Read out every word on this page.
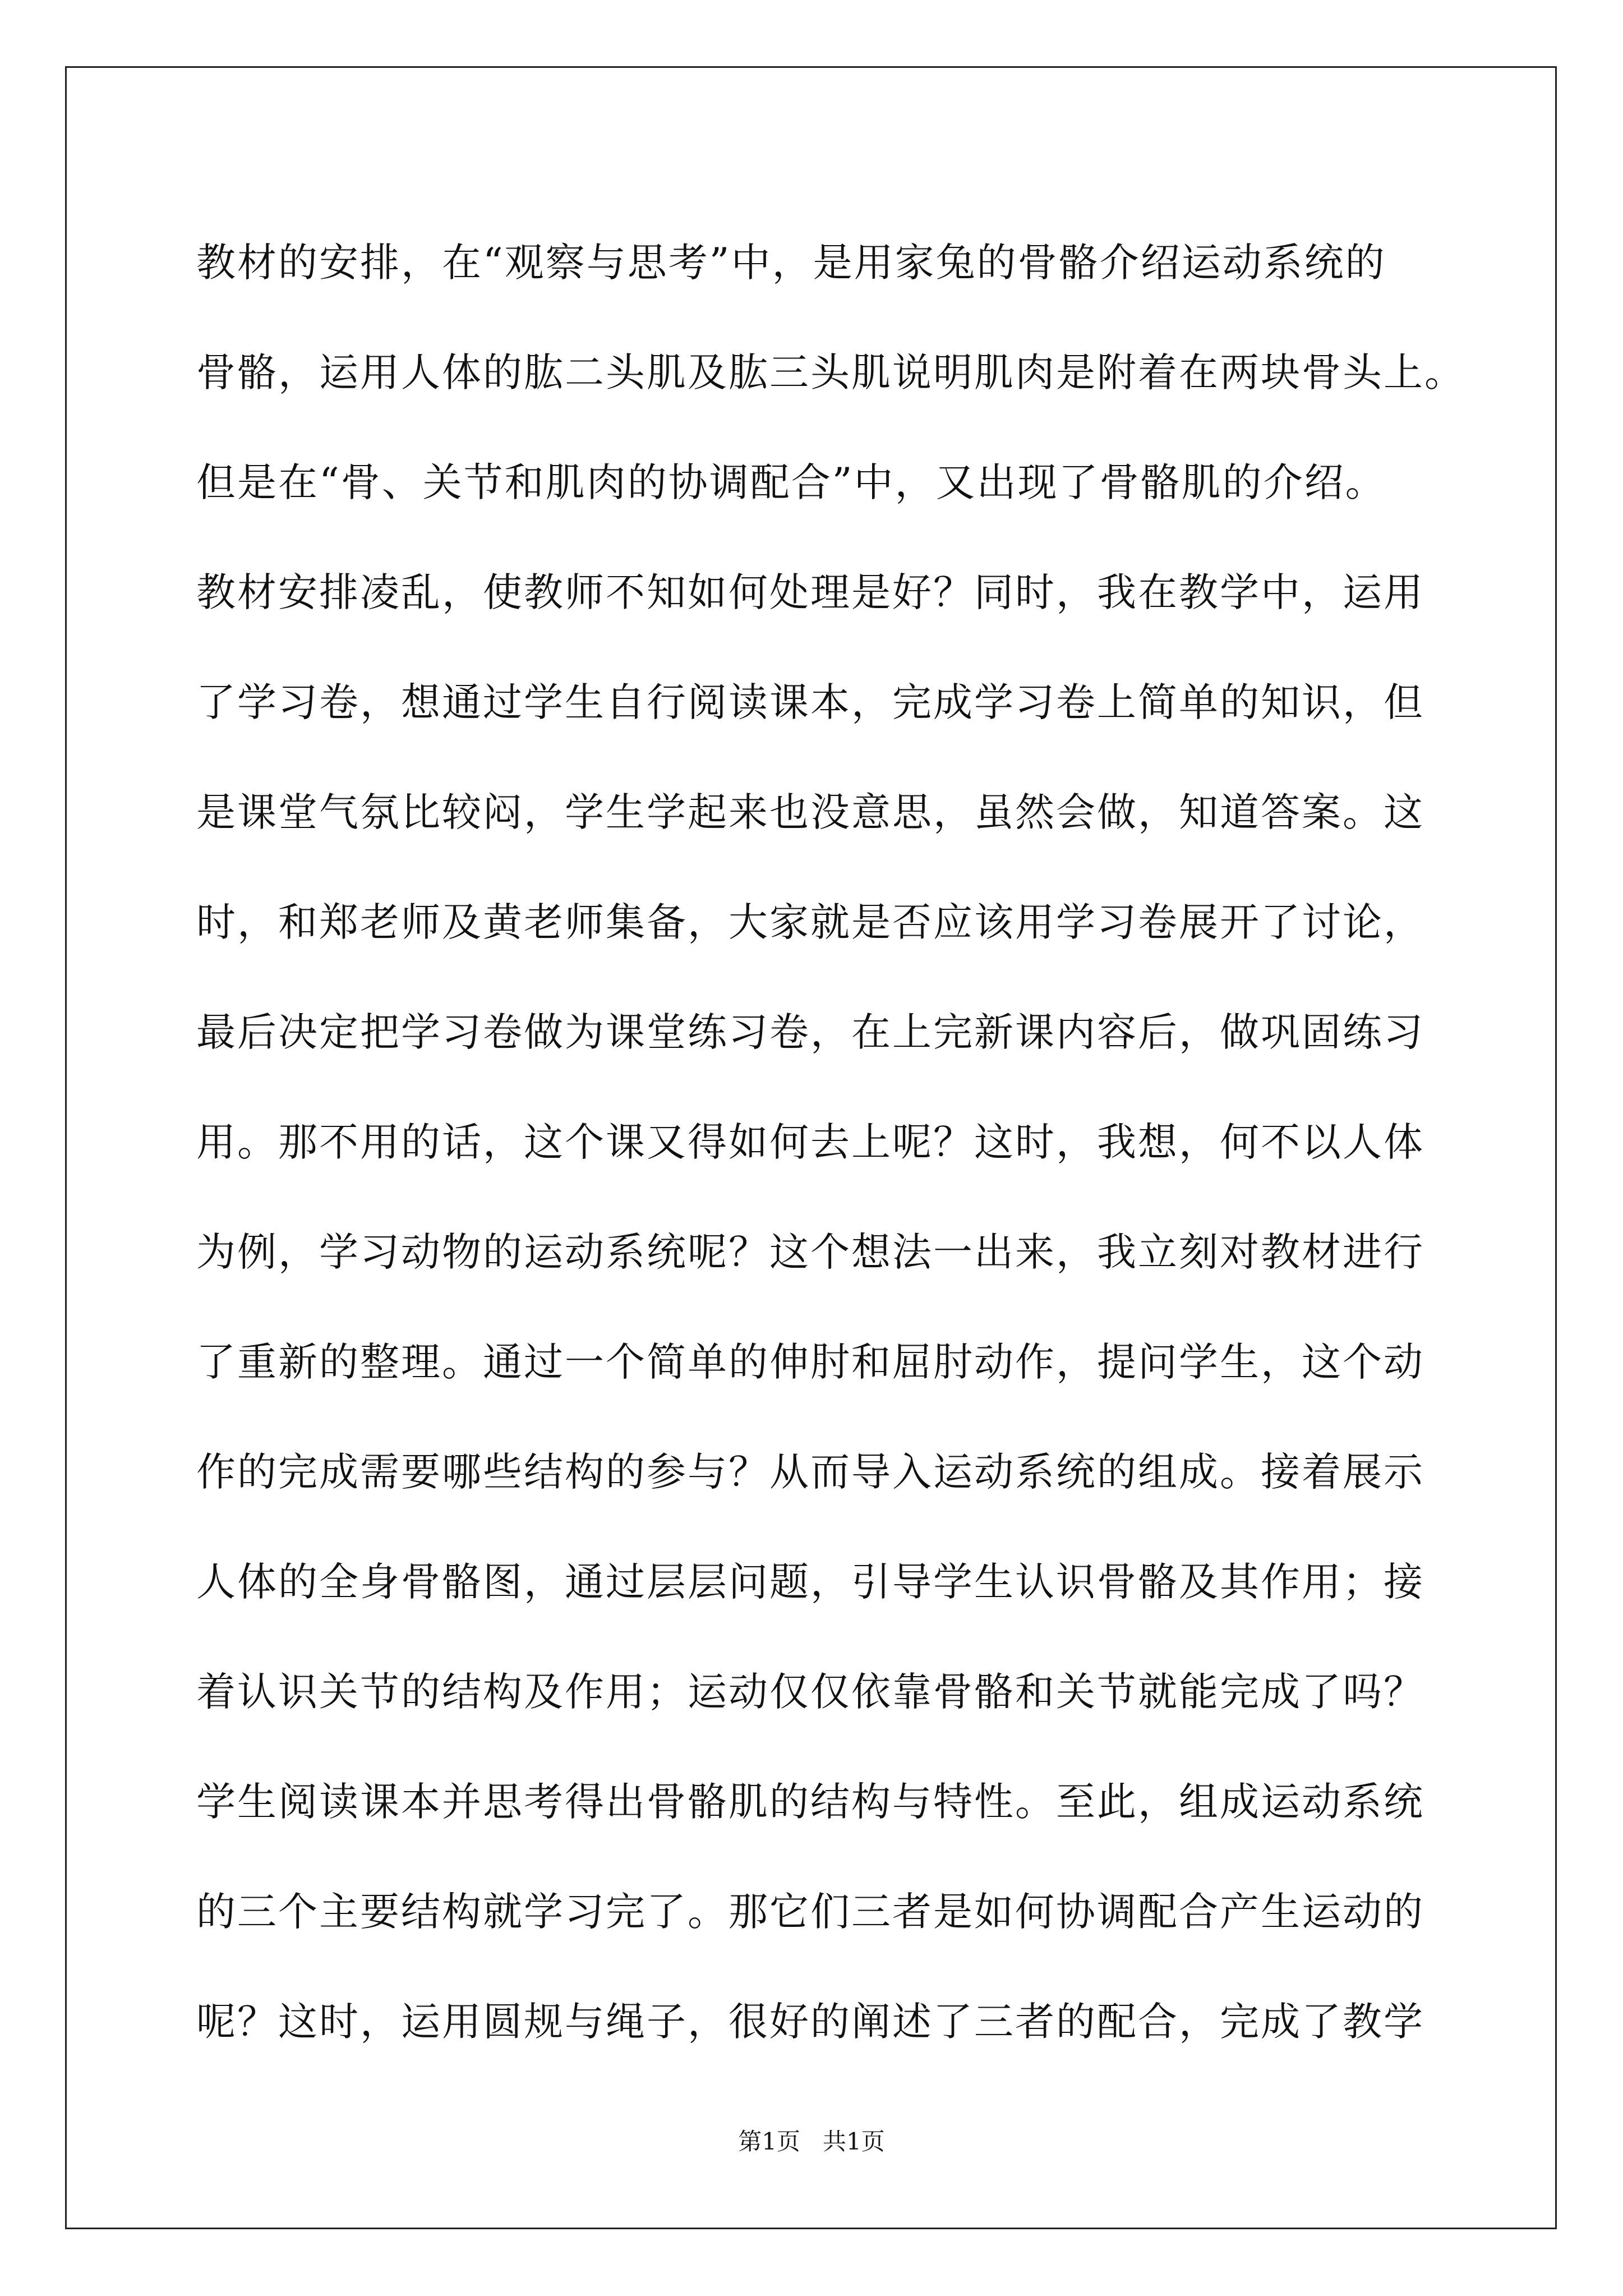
教材的安排，在“观察与思考”中，是用家兔的骨骼介绍运动系统的
骨骼，运用人体的肱二头肌及肱三头肌说明肌肉是附着在两块骨头上。
但是在“骨、关节和肌肉的协调配合”中，又出现了骨骼肌的介绍。
教材安排凌乱，使教师不知如何处理是好？同时，我在教学中，运用
了学习卷，想通过学生自行阅读课本，完成学习卷上简单的知识，但
是课堂气氛比较闷，学生学起来也没意思，虽然会做，知道答案。这
时，和郑老师及黄老师集备，大家就是否应该用学习卷展开了讨论，
最后决定把学习卷做为课堂练习卷，在上完新课内容后，做巩固练习
用。那不用的话，这个课又得如何去上呢？这时，我想，何不以人体
为例，学习动物的运动系统呢？这个想法一出来，我立刻对教材进行
了重新的整理。通过一个简单的伸肘和屈肘动作，提问学生，这个动
作的完成需要哪些结构的参与？从而导入运动系统的组成。接着展示
人体的全身骨骼图，通过层层问题，引导学生认识骨骼及其作用；接
着认识关节的结构及作用；运动仅仅依靠骨骼和关节就能完成了吗？
学生阅读课本并思考得出骨骼肌的结构与特性。至此，组成运动系统
的三个主要结构就学习完了。那它们三者是如何协调配合产生运动的
呢？这时，运用圆规与绳子，很好的阐述了三者的配合，完成了教学
第1页   共1页
